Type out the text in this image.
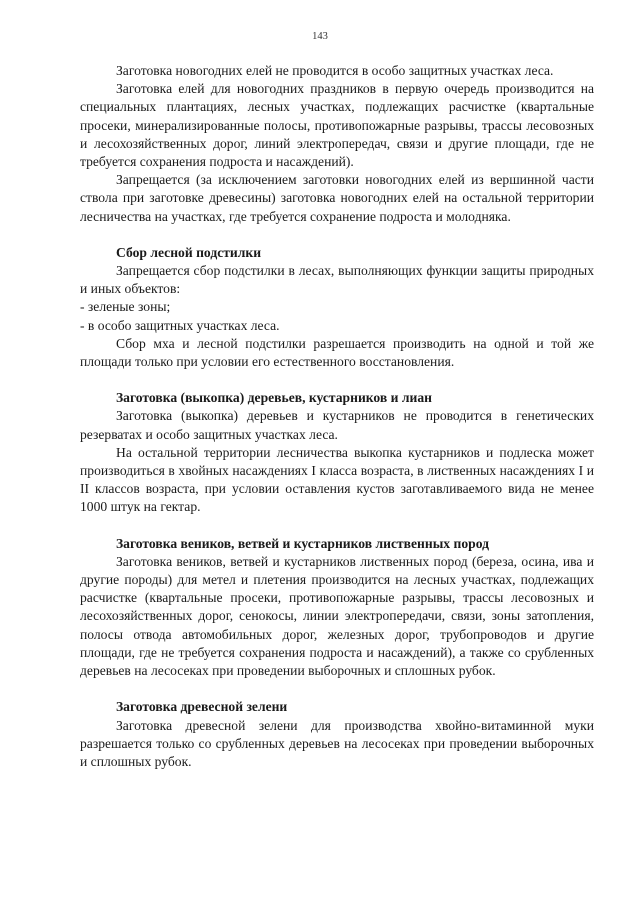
143

Заготовка новогодних елей не проводится в особо защитных участках леса.

Заготовка елей для новогодних праздников в первую очередь производится на специальных плантациях, лесных участках, подлежащих расчистке (квартальные просеки, минерализированные полосы, противопожарные разрывы, трассы лесовозных и лесохозяйственных дорог, линий электропередач, связи и другие площади, где не требуется сохранения подроста и насаждений).

Запрещается (за исключением заготовки новогодних елей из вершинной части ствола при заготовке древесины) заготовка новогодних елей на остальной территории лесничества на участках, где требуется сохранение подроста и молодняка.

Сбор лесной подстилки

Запрещается сбор подстилки в лесах, выполняющих функции защиты природных и иных объектов:

- зеленые зоны;

- в особо защитных участках леса.

Сбор мха и лесной подстилки разрешается производить на одной и той же площади только при условии его естественного восстановления.

Заготовка (выкопка) деревьев, кустарников и лиан

Заготовка (выкопка) деревьев и кустарников не проводится в генетических резерватах и особо защитных участках леса.

На остальной территории лесничества выкопка кустарников и подлеска может производиться в хвойных насаждениях I класса возраста, в лиственных насаждениях I и II классов возраста, при условии оставления кустов заготавливаемого вида не менее 1000 штук на гектар.

Заготовка веников, ветвей и кустарников лиственных пород

Заготовка веников, ветвей и кустарников лиственных пород (береза, осина, ива и другие породы) для метел и плетения производится на лесных участках, подлежащих расчистке (квартальные просеки, противопожарные разрывы, трассы лесовозных и лесохозяйственных дорог, сенокосы, линии электропередачи, связи, зоны затопления, полосы отвода автомобильных дорог, железных дорог, трубопроводов и другие площади, где не требуется сохранения подроста и насаждений), а также со срубленных деревьев на лесосеках при проведении выборочных и сплошных рубок.

Заготовка древесной зелени

Заготовка древесной зелени для производства хвойно-витаминной муки разрешается только со срубленных деревьев на лесосеках при проведении выборочных и сплошных рубок.
